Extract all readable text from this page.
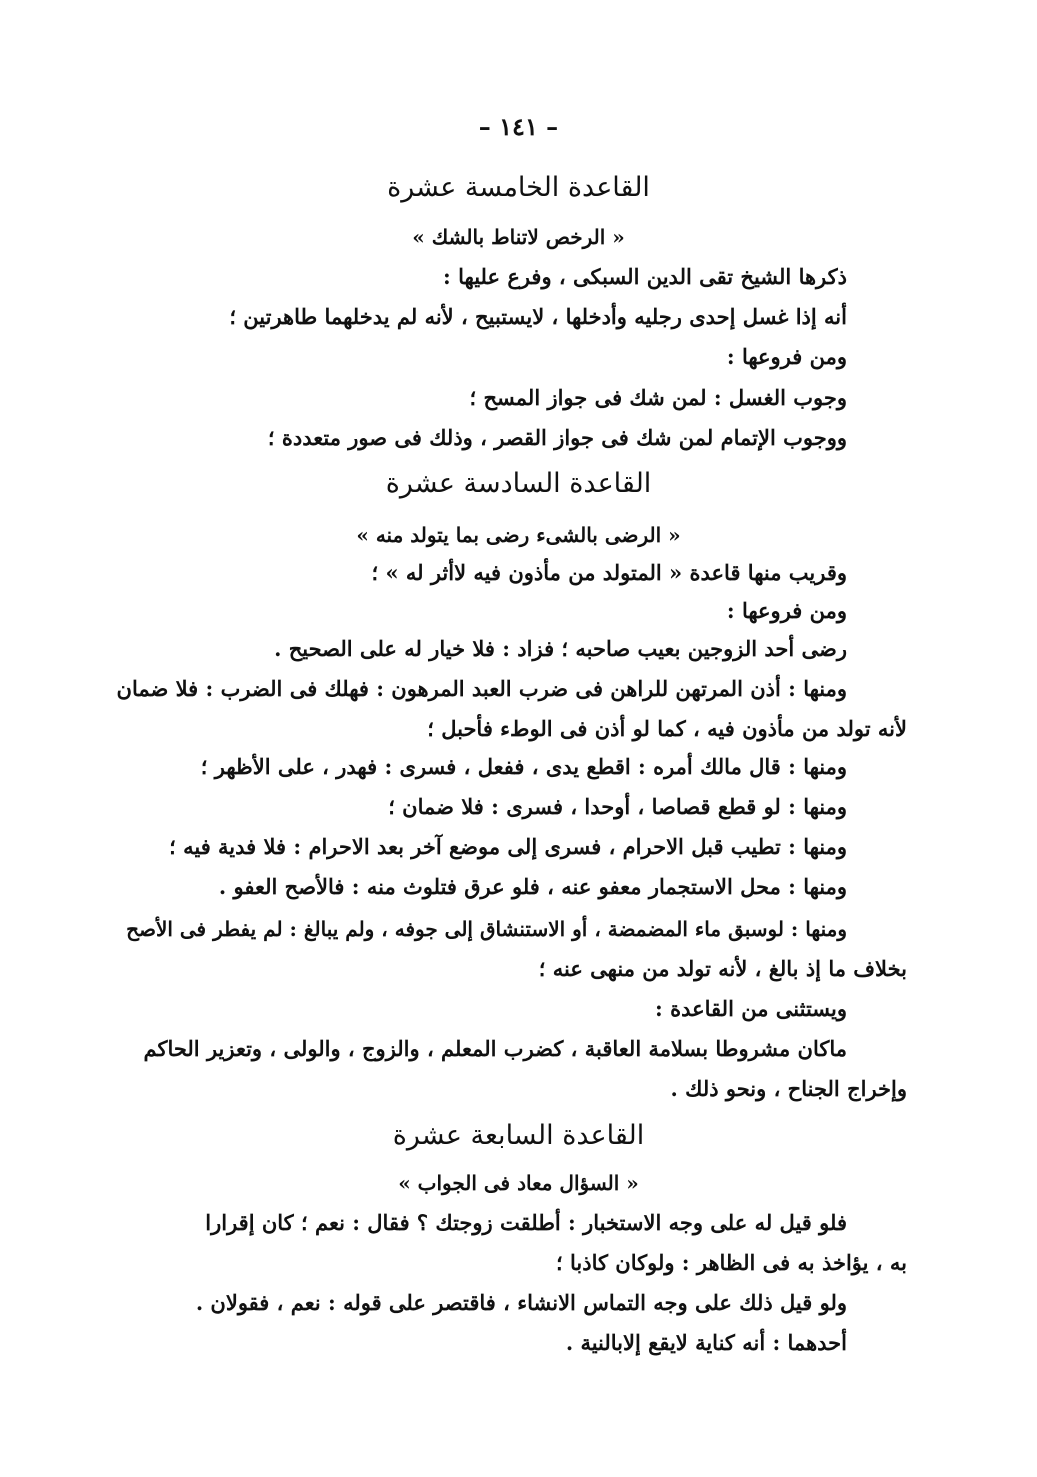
– ١٤١ –
القاعدة الخامسة عشرة
« الرخص لاتناط بالشك »
ذكرها الشيخ تقى الدين السبكى ، وفرع عليها :
أنه إذا غسل إحدى رجليه وأدخلها ، لايستبيح ، لأنه لم يدخلهما طاهرتين ؛
ومن فروعها :
وجوب الغسل : لمن شك فى جواز المسح ؛
ووجوب الإتمام لمن شك فى جواز القصر ، وذلك فى صور متعددة ؛
القاعدة السادسة عشرة
« الرضى بالشىء رضى بما يتولد منه »
وقريب منها قاعدة « المتولد من مأذون فيه لاأثر له » ؛
ومن فروعها :
رضى أحد الزوجين بعيب صاحبه ؛ فزاد : فلا خيار له على الصحيح .
ومنها : أذن المرتهن للراهن فى ضرب العبد المرهون : فهلك فى الضرب : فلا ضمان
لأنه تولد من مأذون فيه ، كما لو أذن فى الوطء فأحبل ؛
ومنها : قال مالك أمره : اقطع يدى ، ففعل ، فسرى : فهدر ، على الأظهر ؛
ومنها : لو قطع قصاصا ، أوحدا ، فسرى : فلا ضمان ؛
ومنها : تطيب قبل الاحرام ، فسرى إلى موضع آخر بعد الاحرام : فلا فدية فيه ؛
ومنها : محل الاستجمار معفو عنه ، فلو عرق فتلوث منه : فالأصح العفو .
ومنها : لوسبق ماء المضمضة ، أو الاستنشاق إلى جوفه ، ولم يبالغ : لم يفطر فى الأصح
بخلاف ما إذ بالغ ، لأنه تولد من منهى عنه ؛
ويستثنى من القاعدة :
ماكان مشروطا بسلامة العاقبة ، كضرب المعلم ، والزوج ، والولى ، وتعزير الحاكم
وإخراج الجناح ، ونحو ذلك .
القاعدة السابعة عشرة
« السؤال معاد فى الجواب »
فلو قيل له على وجه الاستخبار : أطلقت زوجتك ؟ فقال : نعم ؛ كان إقرارا
به ، يؤاخذ به فى الظاهر : ولوكان كاذبا ؛
ولو قيل ذلك على وجه التماس الانشاء ، فاقتصر على قوله : نعم ، فقولان .
أحدهما : أنه كناية لايقع إلابالنية .
